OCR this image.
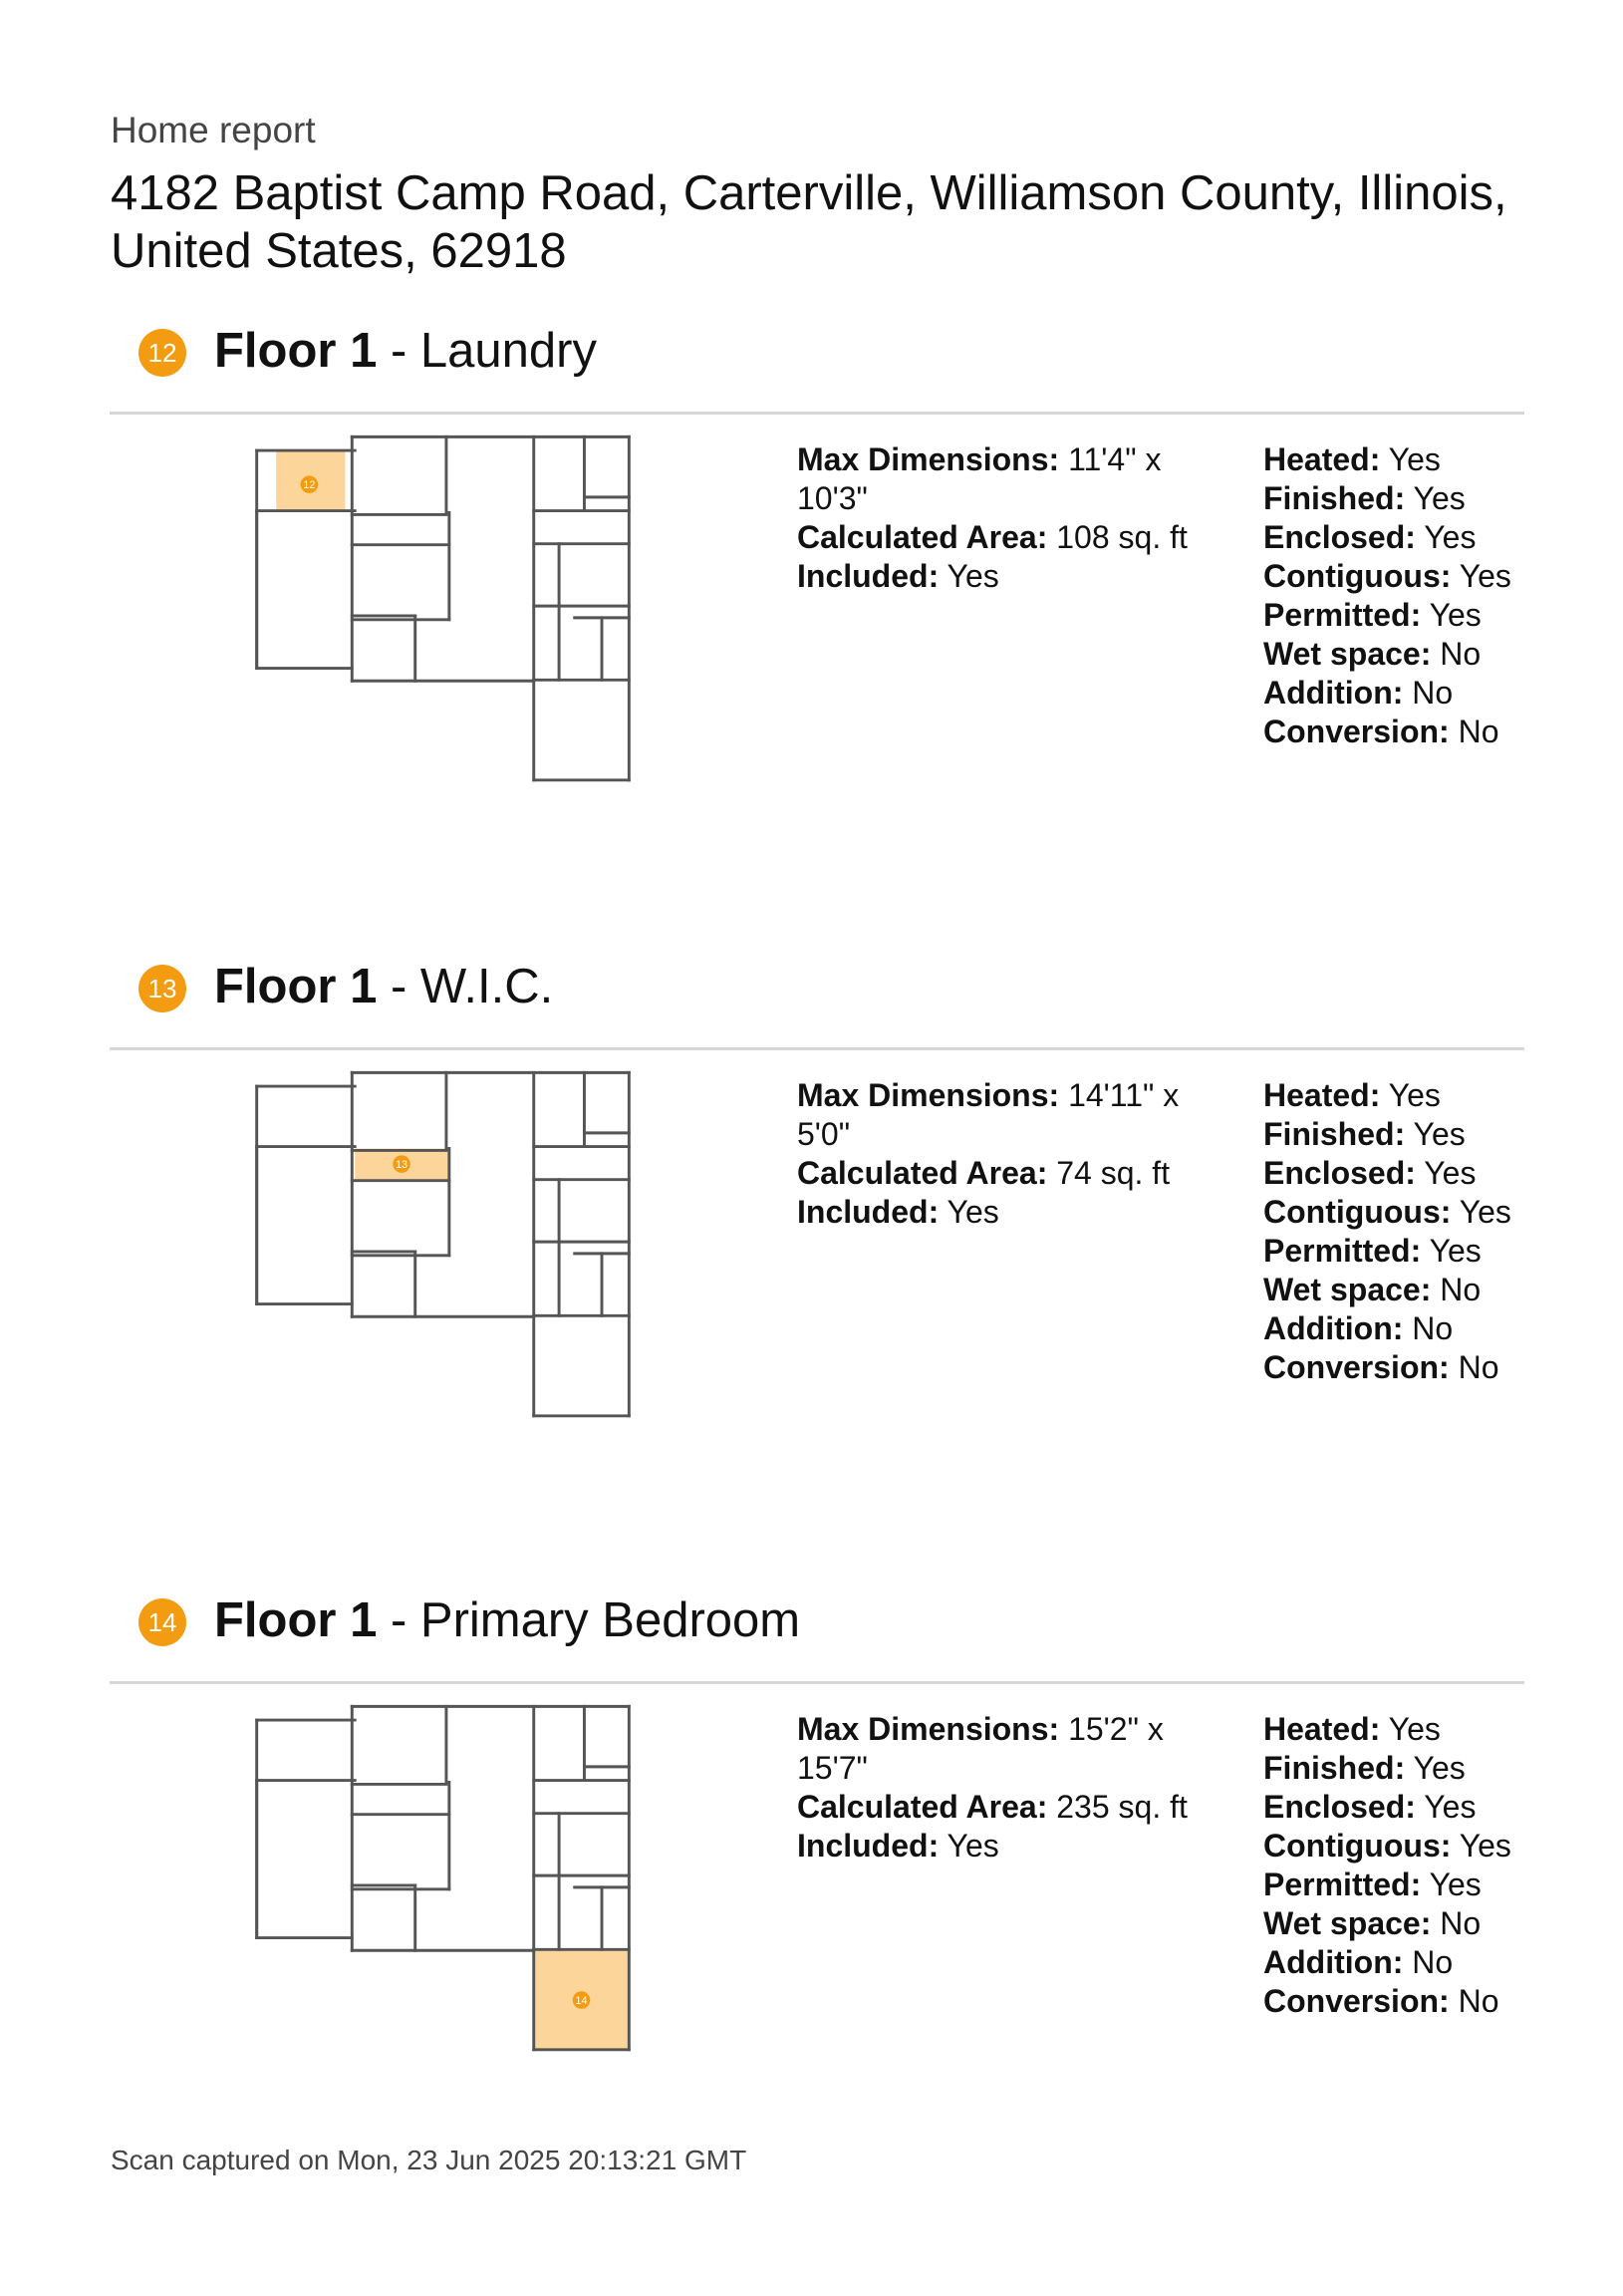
Home report
4182 Baptist Camp Road, Carterville, Williamson County, Illinois, United States, 62918
12 Floor 1 - Laundry
12
Max Dimensions: 11'4" x 10'3"
Calculated Area: 108 sq. ft
Included: Yes
Heated: Yes
Finished: Yes
Enclosed: Yes
Contiguous: Yes
Permitted: Yes
Wet space: No
Addition: No
Conversion: No
13 Floor 1 - W.I.C.
13
Max Dimensions: 14'11" x 5'0"
Calculated Area: 74 sq. ft
Included: Yes
Heated: Yes
Finished: Yes
Enclosed: Yes
Contiguous: Yes
Permitted: Yes
Wet space: No
Addition: No
Conversion: No
14 Floor 1 - Primary Bedroom
14
Max Dimensions: 15'2" x 15'7"
Calculated Area: 235 sq. ft
Included: Yes
Heated: Yes
Finished: Yes
Enclosed: Yes
Contiguous: Yes
Permitted: Yes
Wet space: No
Addition: No
Conversion: No
Scan captured on Mon, 23 Jun 2025 20:13:21 GMT
